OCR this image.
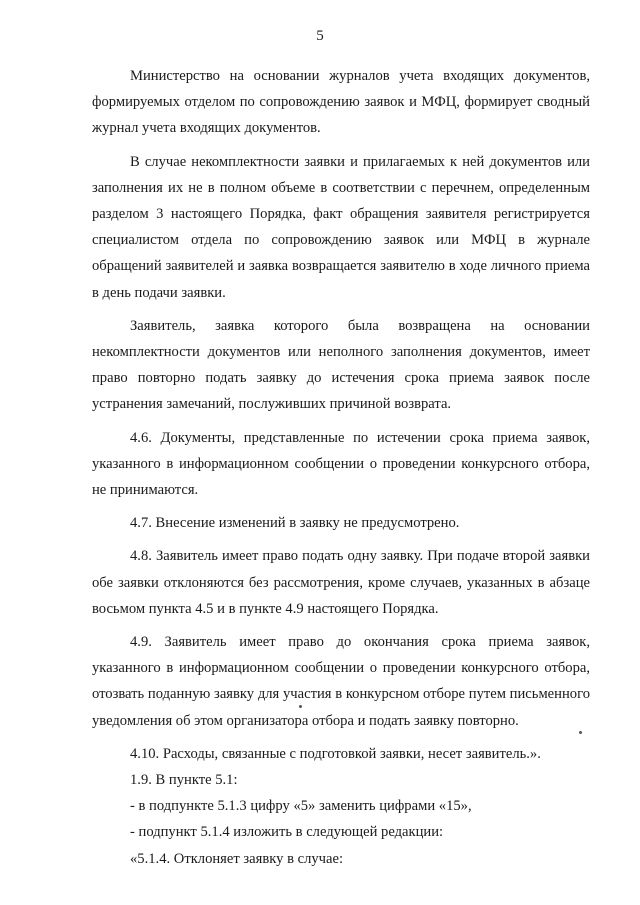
5

Министерство на основании журналов учета входящих документов, формируемых отделом по сопровождению заявок и МФЦ, формирует сводный журнал учета входящих документов.

В случае некомплектности заявки и прилагаемых к ней документов или заполнения их не в полном объеме в соответствии с перечнем, определенным разделом 3 настоящего Порядка, факт обращения заявителя регистрируется специалистом отдела по сопровождению заявок или МФЦ в журнале обращений заявителей и заявка возвращается заявителю в ходе личного приема в день подачи заявки.

Заявитель, заявка которого была возвращена на основании некомплектности документов или неполного заполнения документов, имеет право повторно подать заявку до истечения срока приема заявок после устранения замечаний, послуживших причиной возврата.

4.6. Документы, представленные по истечении срока приема заявок, указанного в информационном сообщении о проведении конкурсного отбора, не принимаются.

4.7. Внесение изменений в заявку не предусмотрено.

4.8. Заявитель имеет право подать одну заявку. При подаче второй заявки обе заявки отклоняются без рассмотрения, кроме случаев, указанных в абзаце восьмом пункта 4.5 и в пункте 4.9 настоящего Порядка.

4.9. Заявитель имеет право до окончания срока приема заявок, указанного в информационном сообщении о проведении конкурсного отбора, отозвать поданную заявку для участия в конкурсном отборе путем письменного уведомления об этом организатора отбора и подать заявку повторно.

4.10. Расходы, связанные с подготовкой заявки, несет заявитель.».

1.9. В пункте 5.1:

- в подпункте 5.1.3 цифру «5» заменить цифрами «15»,

- подпункт 5.1.4 изложить в следующей редакции:

«5.1.4. Отклоняет заявку в случае:
